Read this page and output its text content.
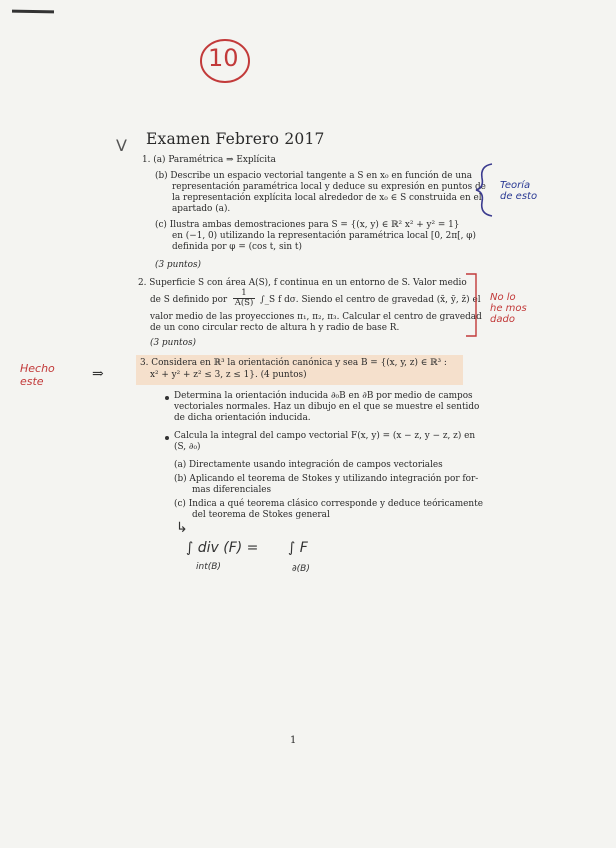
10
V Examen Febrero 2017
1. (a) Paramétrica ⇒ Explícita
(b) Describe un espacio vectorial tangente a S en x₀ en función de una
representación paramétrica local y deduce su expresión en puntos de
la representación explícita local alrededor de x₀ ∈ S construida en el
apartado (a).
(c) Ilustra ambas demostraciones para S = {(x, y) ∈ ℝ² x² + y² = 1}
en (−1, 0) utilizando la representación paramétrica local [0, 2π[, φ)
definida por φ = (cos t, sin t)
(3 puntos)
Teoría
de esto
2. Superficie S con área A(S), f continua en un entorno de S. Valor medio
de S definido por $\frac{1}{A(S)}$ ∫_S f dσ. Siendo el centro de gravedad (x̄, ȳ, z̄) el
valor medio de las proyecciones π₁, π₂, π₃. Calcular el centro de gravedad
de un cono circular recto de altura h y radio de base R.
(3 puntos)
No lo
he mos
dado
Hecho
este	⇒
3. Considera en ℝ³ la orientación canónica y sea B = {(x, y, z) ∈ ℝ³ :
x² + y² + z² ≤ 3, z ≤ 1}. (4 puntos)
Determina la orientación inducida ∂₀B en ∂B por medio de campos
vectoriales normales. Haz un dibujo en el que se muestre el sentido
de dicha orientación inducida.
Calcula la integral del campo vectorial F(x, y) = (x − z, y − z, z) en
(S, ∂₀)
(a) Directamente usando integración de campos vectoriales
(b) Aplicando el teorema de Stokes y utilizando integración por for-
mas diferenciales
(c) Indica a qué teorema clásico corresponde y deduce teóricamente
del teorema de Stokes general
↳
∫ div (F) =
int(B)
∫ F
∂(B)
1
